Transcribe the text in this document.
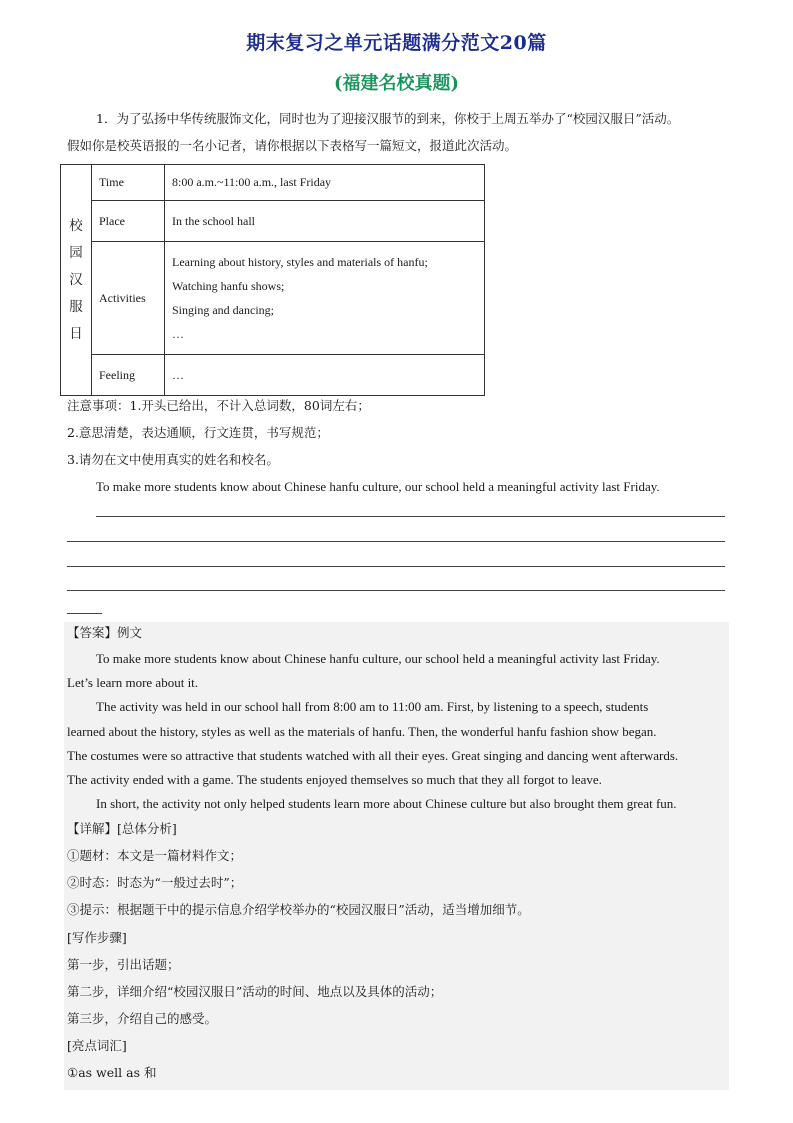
期末复习之单元话题满分范文20篇
(福建名校真题)
1．为了弘扬中华传统服饰文化，同时也为了迎接汉服节的到来，你校于上周五举办了“校园汉服日”活动。
假如你是校英语报的一名小记者，请你根据以下表格写一篇短文，报道此次活动。
校
园
汉
服
日	Time	8:00 a.m.~11:00 a.m., last Friday
	Place	In the school hall
	Activities	Learning about history, styles and materials of hanfu;
Watching hanfu shows;
Singing and dancing;
…

	Feeling	…
注意事项：1.开头已给出，不计入总词数，80词左右；
2.意思清楚，表达通顺，行文连贯，书写规范；
3.请勿在文中使用真实的姓名和校名。
To make more students know about Chinese hanfu culture, our school held a meaningful activity last Friday.
【答案】例文
To make more students know about Chinese hanfu culture, our school held a meaningful activity last Friday.
Let’s learn more about it.
The activity was held in our school hall from 8:00 am to 11:00 am. First, by listening to a speech, students
learned about the history, styles as well as the materials of hanfu. Then, the wonderful hanfu fashion show began.
The costumes were so attractive that students watched with all their eyes. Great singing and dancing went afterwards.
The activity ended with a game. The students enjoyed themselves so much that they all forgot to leave.
In short, the activity not only helped students learn more about Chinese culture but also brought them great fun.
【详解】[总体分析]
①题材：本文是一篇材料作文；
②时态：时态为“一般过去时”；
③提示：根据题干中的提示信息介绍学校举办的“校园汉服日”活动，适当增加细节。
[写作步骤]
第一步，引出话题；
第二步，详细介绍“校园汉服日”活动的时间、地点以及具体的活动；
第三步，介绍自己的感受。
[亮点词汇]
①as well as 和
